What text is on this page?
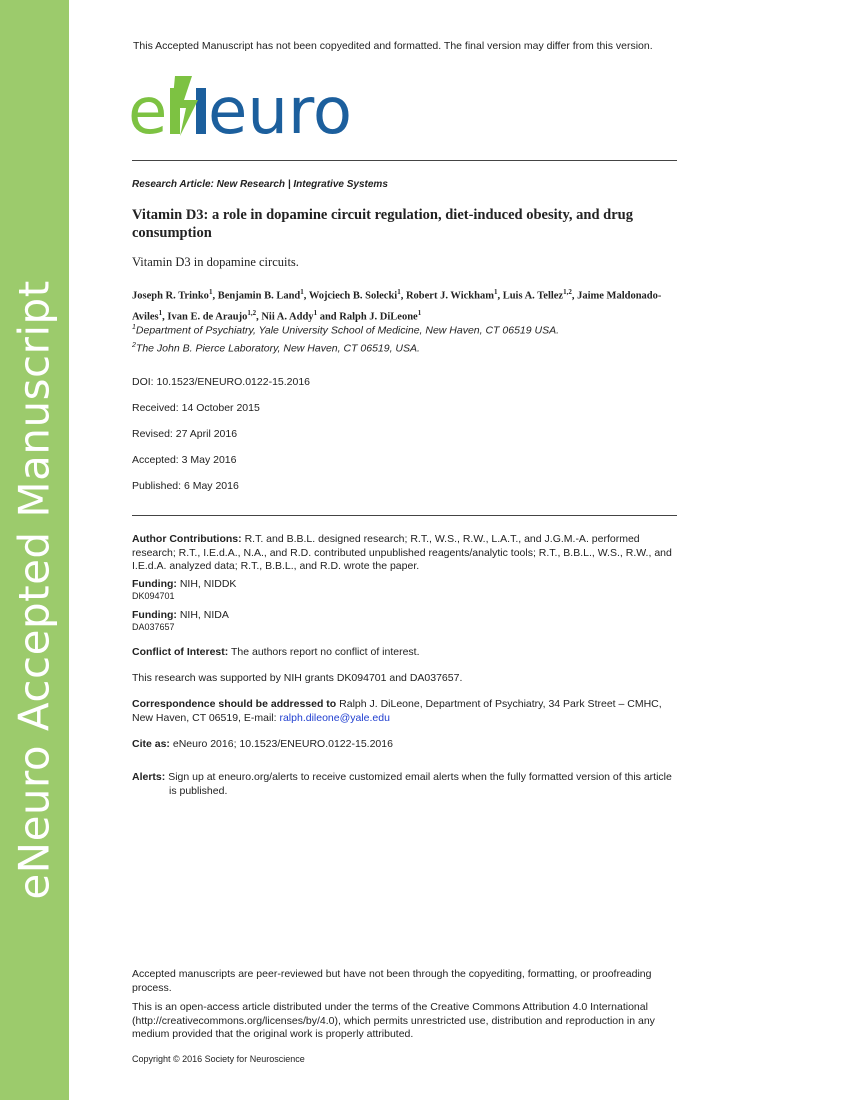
eNeuro Accepted Manuscript
This Accepted Manuscript has not been copyedited and formatted. The final version may differ from this version.
e euro
Research Article: New Research | Integrative Systems
Vitamin D3: a role in dopamine circuit regulation, diet-induced obesity, and drug consumption
Vitamin D3 in dopamine circuits.
Joseph R. Trinko$^1$, Benjamin B. Land$^1$, Wojciech B. Solecki$^1$, Robert J. Wickham$^1$, Luis A. Tellez$^{1,2}$, Jaime Maldonado-Aviles$^1$, Ivan E. de Araujo$^{1,2}$, Nii A. Addy$^1$ and Ralph J. DiLeone$^1$
$^1$Department of Psychiatry, Yale University School of Medicine, New Haven, CT 06519 USA.
$^2$The John B. Pierce Laboratory, New Haven, CT 06519, USA.
DOI: 10.1523/ENEURO.0122-15.2016
Received: 14 October 2015
Revised: 27 April 2016
Accepted: 3 May 2016
Published: 6 May 2016
Author Contributions: R.T. and B.B.L. designed research; R.T., W.S., R.W., L.A.T., and J.G.M.-A. performed research; R.T., I.E.d.A., N.A., and R.D. contributed unpublished reagents/analytic tools; R.T., B.B.L., W.S., R.W., and I.E.d.A. analyzed data; R.T., B.B.L., and R.D. wrote the paper.
Funding: NIH, NIDDK
DK094701
Funding: NIH, NIDA
DA037657
Conflict of Interest: The authors report no conflict of interest.
This research was supported by NIH grants DK094701 and DA037657.
Correspondence should be addressed to Ralph J. DiLeone, Department of Psychiatry, 34 Park Street – CMHC, New Haven, CT 06519, E-mail: ralph.dileone@yale.edu
Cite as: eNeuro 2016; 10.1523/ENEURO.0122-15.2016
Alerts: Sign up at eneuro.org/alerts to receive customized email alerts when the fully formatted version of this article is published.
Accepted manuscripts are peer-reviewed but have not been through the copyediting, formatting, or proofreading process.
This is an open-access article distributed under the terms of the Creative Commons Attribution 4.0 International (http://creativecommons.org/licenses/by/4.0), which permits unrestricted use, distribution and reproduction in any medium provided that the original work is properly attributed.
Copyright © 2016 Society for Neuroscience
